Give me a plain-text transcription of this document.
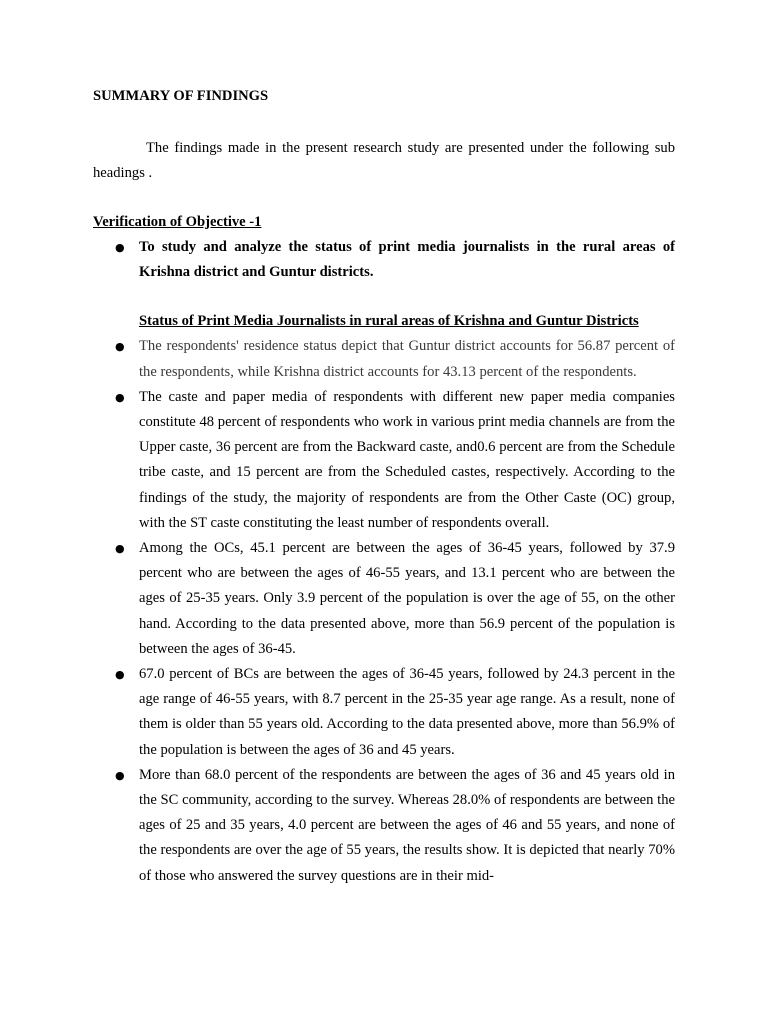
SUMMARY OF FINDINGS

The findings made in the present research study are presented under the following sub headings .

Verification of Objective -1

● To study and analyze the status of print media journalists in the rural areas of Krishna district and Guntur districts.

Status of Print Media Journalists in rural areas of Krishna and Guntur Districts

● The respondents' residence status depict that Guntur district accounts for 56.87 percent of the respondents, while Krishna district accounts for 43.13 percent of the respondents.
● The caste and paper media of respondents with different new paper media companies constitute 48 percent of respondents who work in various print media channels are from the Upper caste, 36 percent are from the Backward caste, and0.6 percent are from the Schedule tribe caste, and 15 percent are from the Scheduled castes, respectively. According to the findings of the study, the majority of respondents are from the Other Caste (OC) group, with the ST caste constituting the least number of respondents overall.
● Among the OCs, 45.1 percent are between the ages of 36-45 years, followed by 37.9 percent who are between the ages of 46-55 years, and 13.1 percent who are between the ages of 25-35 years. Only 3.9 percent of the population is over the age of 55, on the other hand. According to the data presented above, more than 56.9 percent of the population is between the ages of 36-45.
● 67.0 percent of BCs are between the ages of 36-45 years, followed by 24.3 percent in the age range of 46-55 years, with 8.7 percent in the 25-35 year age range. As a result, none of them is older than 55 years old. According to the data presented above, more than 56.9% of the population is between the ages of 36 and 45 years.
● More than 68.0 percent of the respondents are between the ages of 36 and 45 years old in the SC community, according to the survey. Whereas 28.0% of respondents are between the ages of 25 and 35 years, 4.0 percent are between the ages of 46 and 55 years, and none of the respondents are over the age of 55 years, the results show. It is depicted that nearly 70% of those who answered the survey questions are in their mid-
